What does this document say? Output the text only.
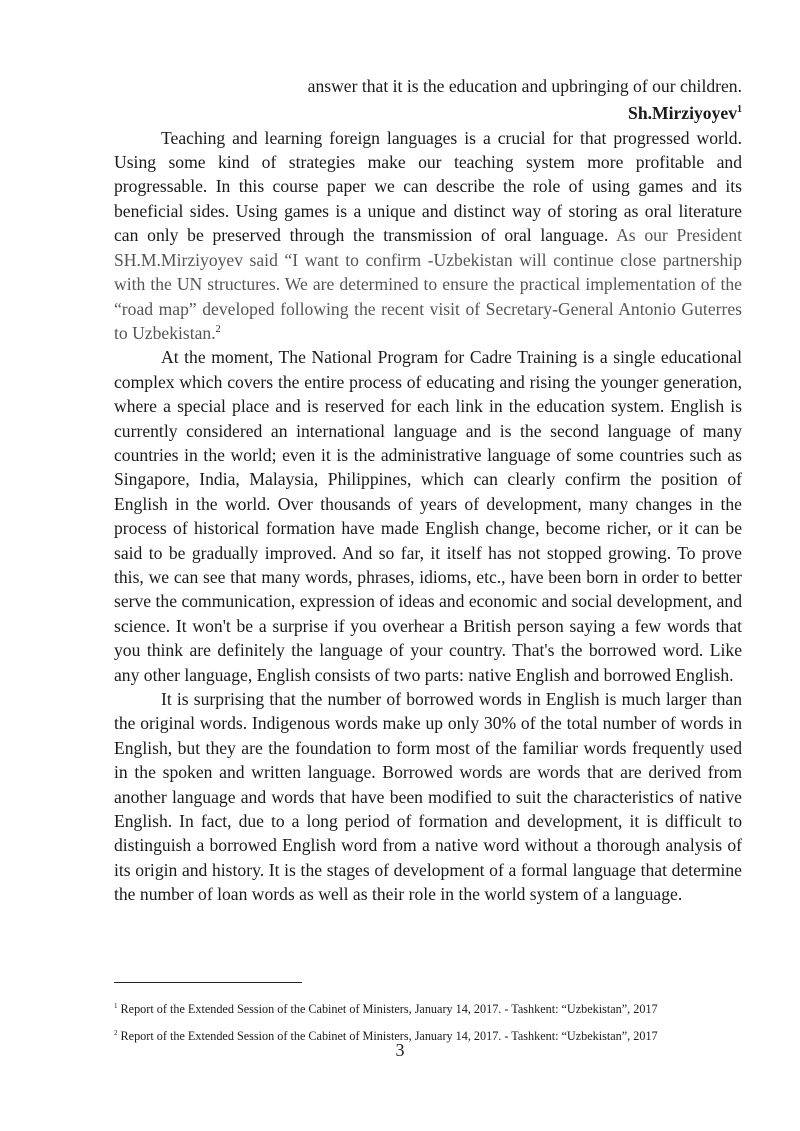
answer that it is the education and upbringing of our children.

Sh.Mirziyoyev$^1$

Teaching and learning foreign languages is a crucial for that progressed world. Using some kind of strategies make our teaching system more profitable and progressable. In this course paper we can describe the role of using games and its beneficial sides. Using games is a unique and distinct way of storing as oral literature can only be preserved through the transmission of oral language. As our President SH.M.Mirziyoyev said “I want to confirm -Uzbekistan will continue close partnership with the UN structures. We are determined to ensure the practical implementation of the “road map” developed following the recent visit of Secretary-General Antonio Guterres to Uzbekistan.$^2$

At the moment, The National Program for Cadre Training is a single educational complex which covers the entire process of educating and rising the younger generation, where a special place and is reserved for each link in the education system. English is currently considered an international language and is the second language of many countries in the world; even it is the administrative language of some countries such as Singapore, India, Malaysia, Philippines, which can clearly confirm the position of English in the world. Over thousands of years of development, many changes in the process of historical formation have made English change, become richer, or it can be said to be gradually improved. And so far, it itself has not stopped growing. To prove this, we can see that many words, phrases, idioms, etc., have been born in order to better serve the communication, expression of ideas and economic and social development, and science. It won't be a surprise if you overhear a British person saying a few words that you think are definitely the language of your country. That's the borrowed word. Like any other language, English consists of two parts: native English and borrowed English.

It is surprising that the number of borrowed words in English is much larger than the original words. Indigenous words make up only 30% of the total number of words in English, but they are the foundation to form most of the familiar words frequently used in the spoken and written language. Borrowed words are words that are derived from another language and words that have been modified to suit the characteristics of native English. In fact, due to a long period of formation and development, it is difficult to distinguish a borrowed English word from a native word without a thorough analysis of its origin and history. It is the stages of development of a formal language that determine the number of loan words as well as their role in the world system of a language.

$^1$ Report of the Extended Session of the Cabinet of Ministers, January 14, 2017. - Tashkent: “Uzbekistan”, 2017
$^2$ Report of the Extended Session of the Cabinet of Ministers, January 14, 2017. - Tashkent: “Uzbekistan”, 2017
3
